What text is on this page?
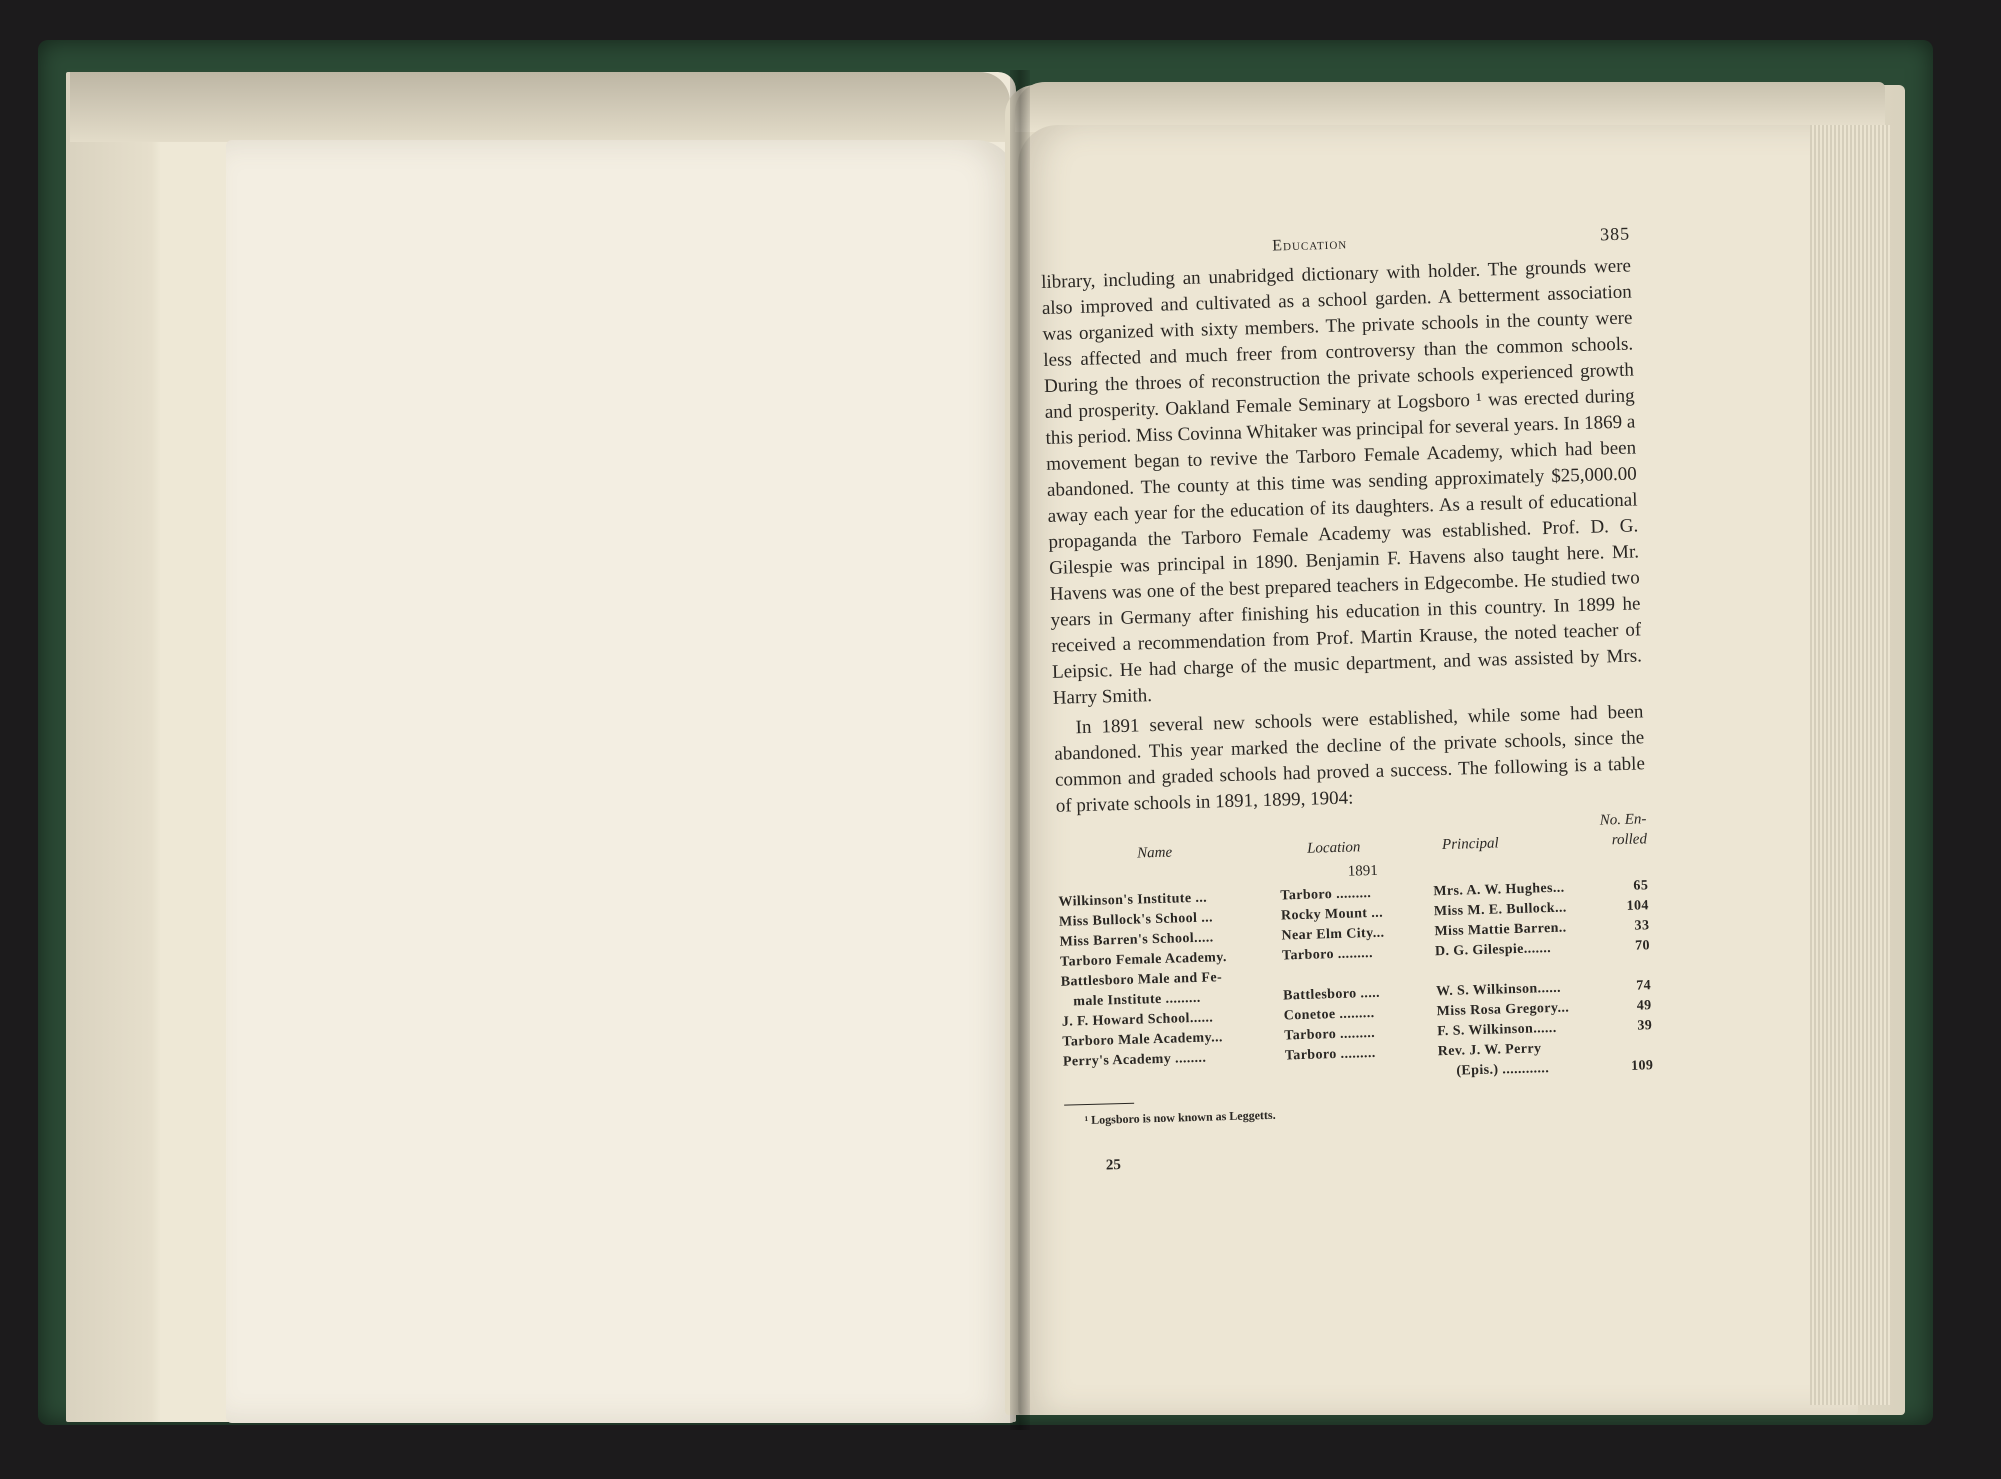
Education
385

library, including an unabridged dictionary with holder. The grounds were also improved and cultivated as a school garden. A betterment association was organized with sixty members. The private schools in the county were less affected and much freer from controversy than the common schools. During the throes of reconstruction the private schools experienced growth and prosperity. Oakland Female Seminary at Logsboro ¹ was erected during this period. Miss Covinna Whitaker was principal for several years. In 1869 a movement began to revive the Tarboro Female Academy, which had been abandoned. The county at this time was sending approximately $25,000.00 away each year for the education of its daughters. As a result of educational propaganda the Tarboro Female Academy was established. Prof. D. G. Gilespie was principal in 1890. Benjamin F. Havens also taught here. Mr. Havens was one of the best prepared teachers in Edgecombe. He studied two years in Germany after finishing his education in this country. In 1899 he received a recommendation from Prof. Martin Krause, the noted teacher of Leipsic. He had charge of the music department, and was assisted by Mrs. Harry Smith.

In 1891 several new schools were established, while some had been abandoned. This year marked the decline of the private schools, since the common and graded schools had proved a success. The following is a table of private schools in 1891, 1899, 1904:

Name	Location	Principal
No. En-
rolled
1891
Wilkinson's Institute ...	Tarboro .........	Mrs. A. W. Hughes...	65
Miss Bullock's School ...	Rocky Mount ...	Miss M. E. Bullock...	104
Miss Barren's School.....	Near Elm City...	Miss Mattie Barren..	33
Tarboro Female Academy.	Tarboro .........	D. G. Gilespie.......	70
Battlesboro Male and Fe-
male Institute .........	Battlesboro .....	W. S. Wilkinson......	74
J. F. Howard School......	Conetoe .........	Miss Rosa Gregory...	49
Tarboro Male Academy...	Tarboro .........	F. S. Wilkinson......	39
Perry's Academy ........	Tarboro .........	Rev. J. W. Perry
(Epis.) ............	109
¹ Logsboro is now known as Leggetts.
25
